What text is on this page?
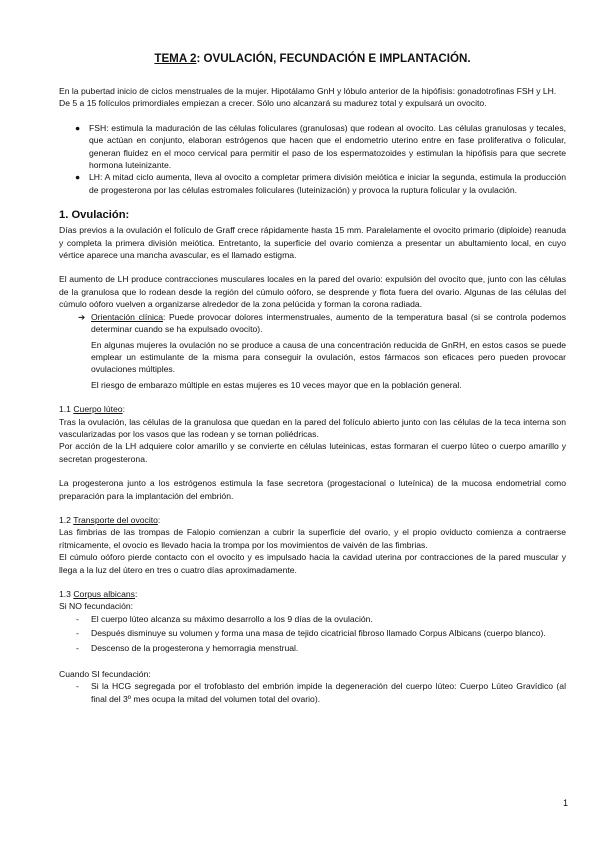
TEMA 2: OVULACIÓN, FECUNDACIÓN E IMPLANTACIÓN.

En la pubertad inicio de ciclos menstruales de la mujer. Hipotálamo GnH y lóbulo anterior de la hipófisis: gonadotrofinas FSH y LH.

De 5 a 15 folículos primordiales empiezan a crecer. Sólo uno alcanzará su madurez total y expulsará un ovocito.

● FSH: estimula la maduración de las células foliculares (granulosas) que rodean al ovocito. Las células granulosas y tecales, que actúan en conjunto, elaboran estrógenos que hacen que el endometrio uterino entre en fase proliferativa o folicular, generan fluidez en el moco cervical para permitir el paso de los espermatozoides y estimulan la hipófisis para que secrete hormona luteinizante.
● LH: A mitad ciclo aumenta, lleva al ovocito a completar primera división meiótica e iniciar la segunda, estimula la producción de progesterona por las células estromales foliculares (luteinización) y provoca la ruptura folicular y la ovulación.
1. Ovulación:

Días previos a la ovulación el folículo de Graff crece rápidamente hasta 15 mm. Paralelamente el ovocito primario (diploide) reanuda y completa la primera división meiótica. Entretanto, la superficie del ovario comienza a presentar un abultamiento local, en cuyo vértice aparece una mancha avascular, es el llamado estigma.

El aumento de LH produce contracciones musculares locales en la pared del ovario: expulsión del ovocito que, junto con las células de la granulosa que lo rodean desde la región del cúmulo oóforo, se desprende y flota fuera del ovario. Algunas de las células del cúmulo oóforo vuelven a organizarse alrededor de la zona pelúcida y forman la corona radiada.

➔ Orientación clínica: Puede provocar dolores intermenstruales, aumento de la temperatura basal (si se controla podemos determinar cuando se ha expulsado ovocito).
En algunas mujeres la ovulación no se produce a causa de una concentración reducida de GnRH, en estos casos se puede emplear un estimulante de la misma para conseguir la ovulación, estos fármacos son eficaces pero pueden provocar ovulaciones múltiples.
El riesgo de embarazo múltiple en estas mujeres es 10 veces mayor que en la población general.
1.1 Cuerpo lúteo:

Tras la ovulación, las células de la granulosa que quedan en la pared del folículo abierto junto con las células de la teca interna son vascularizadas por los vasos que las rodean y se tornan poliédricas.

Por acción de la LH adquiere color amarillo y se convierte en células luteinicas, estas formaran el cuerpo lúteo o cuerpo amarillo y secretan progesterona.

La progesterona junto a los estrógenos estimula la fase secretora (progestacional o luteínica) de la mucosa endometrial como preparación para la implantación del embrión.

1.2 Transporte del ovocito:

Las fimbrias de las trompas de Falopio comienzan a cubrir la superficie del ovario, y el propio oviducto comienza a contraerse rítmicamente, el ovocio es llevado hacia la trompa por los movimientos de vaivén de las fimbrias.

El cúmulo oóforo pierde contacto con el ovocito y es impulsado hacia la cavidad uterina por contracciones de la pared muscular y llega a la luz del útero en tres o cuatro días aproximadamente.

1.3 Corpus albicans:
Si NO fecundación:
- El cuerpo lúteo alcanza su máximo desarrollo a los 9 días de la ovulación.
- Después disminuye su volumen y forma una masa de tejido cicatricial fibroso llamado Corpus Albicans (cuerpo blanco).
- Descenso de la progesterona y hemorragia menstrual.
Cuando SI fecundación:
- Si la HCG segregada por el trofoblasto del embrión impide la degeneración del cuerpo lúteo: Cuerpo Lúteo Gravídico (al final del 3º mes ocupa la mitad del volumen total del ovario).
1
